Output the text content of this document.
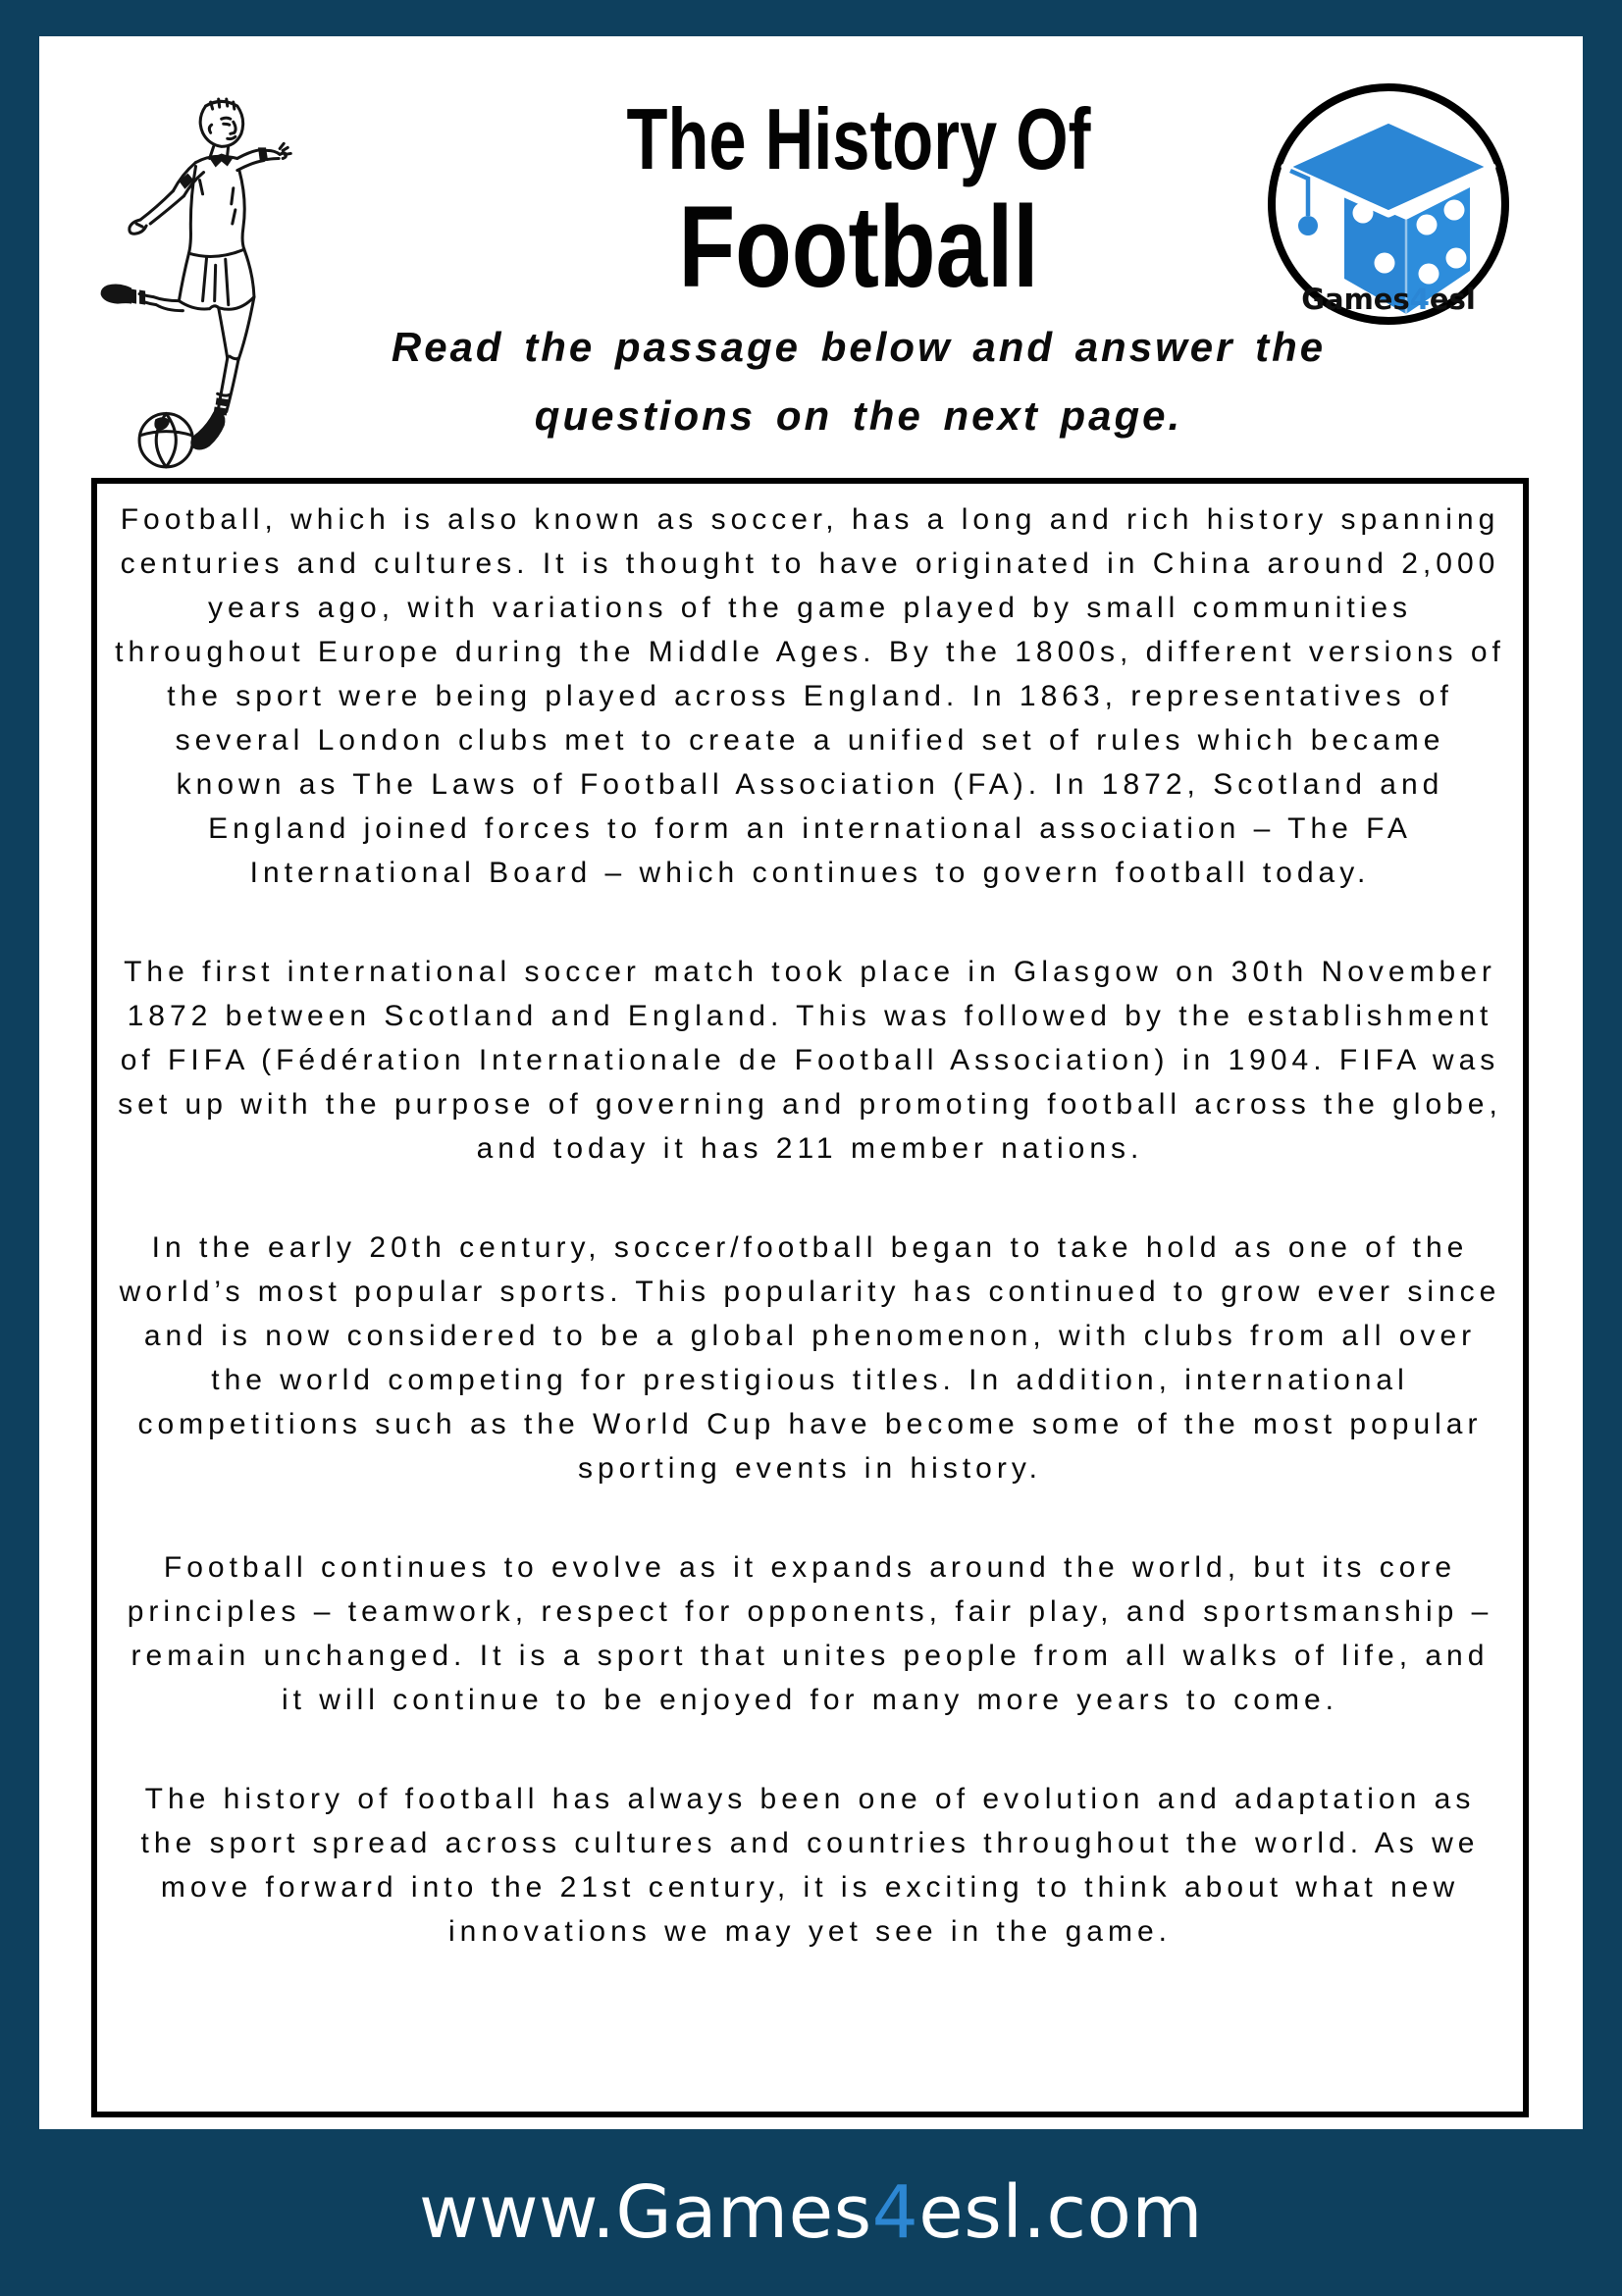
The History Of
Football
Read the passage below and answer the
questions on the next page.
Games4esl

Football, which is also known as soccer, has a long and rich history spanning centuries and cultures. It is thought to have originated in China around 2,000 years ago, with variations of the game played by small communities throughout Europe during the Middle Ages. By the 1800s, different versions of the sport were being played across England. In 1863, representatives of several London clubs met to create a unified set of rules which became known as The Laws of Football Association (FA). In 1872, Scotland and England joined forces to form an international association – The FA International Board – which continues to govern football today.

The first international soccer match took place in Glasgow on 30th November 1872 between Scotland and England. This was followed by the establishment of FIFA (Fédération Internationale de Football Association) in 1904. FIFA was set up with the purpose of governing and promoting football across the globe, and today it has 211 member nations.

In the early 20th century, soccer/football began to take hold as one of the world’s most popular sports. This popularity has continued to grow ever since and is now considered to be a global phenomenon, with clubs from all over the world competing for prestigious titles. In addition, international competitions such as the World Cup have become some of the most popular sporting events in history.

Football continues to evolve as it expands around the world, but its core principles – teamwork, respect for opponents, fair play, and sportsmanship – remain unchanged. It is a sport that unites people from all walks of life, and it will continue to be enjoyed for many more years to come.

The history of football has always been one of evolution and adaptation as the sport spread across cultures and countries throughout the world. As we move forward into the 21st century, it is exciting to think about what new innovations we may yet see in the game.

www.Games 4 esl.com
